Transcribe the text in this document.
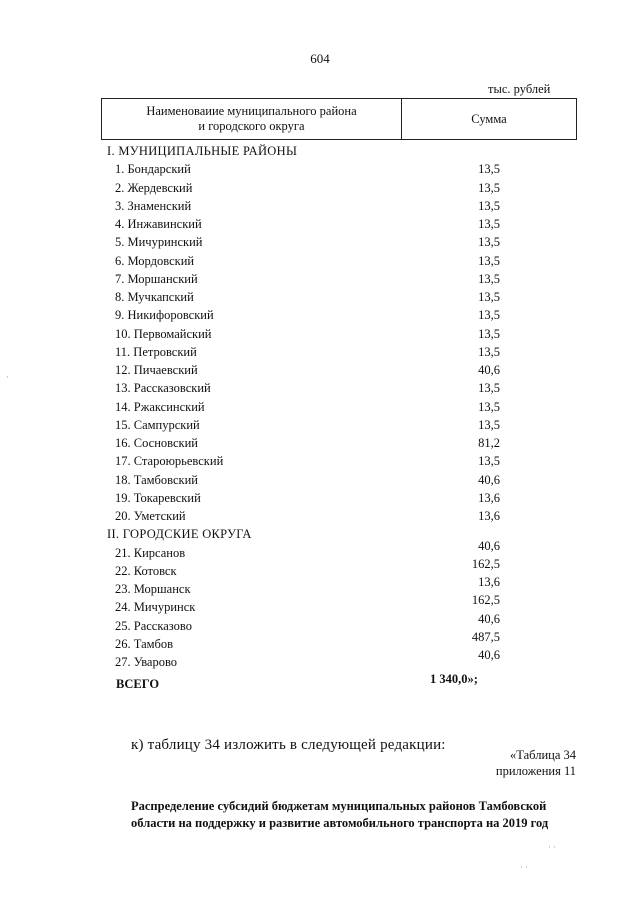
604
тыс. рублей
Наименоваиие муниципального района
и городского округа
Сумма
I. МУНИЦИПАЛЬНЫЕ РАЙОНЫ
1. Бондарский	13,5
2. Жердевский	13,5
3. Знаменский	13,5
4. Инжавинский	13,5
5. Мичуринский	13,5
6. Мордовский	13,5
7. Моршанский	13,5
8. Мучкапский	13,5
9. Никифоровский	13,5
10. Первомайский	13,5
11. Петровский	13,5
12. Пичаевский	40,6
13. Рассказовский	13,5
14. Ржаксинский	13,5
15. Сампурский	13,5
16. Сосновский	81,2
17. Староюрьевский	13,5
18. Тамбовский	40,6
19. Токаревский	13,6
20. Уметский	13,6
II. ГОРОДСКИЕ ОКРУГА
21. Кирсанов	40,6
22. Котовск	162,5
23. Моршанск	13,6
24. Мичуринск	162,5
25. Рассказово	40,6
26. Тамбов	487,5
27. Уварово	40,6
ВСЕГО	1 340,0»;
к) таблицу 34 изложить в следующей редакции:
«Таблица 34
приложения 11
Распределение субсидий бюджетам муниципальных районов Тамбовской области на поддержку и развитие автомобильного транспорта на 2019 год
·
· ·
· ·
